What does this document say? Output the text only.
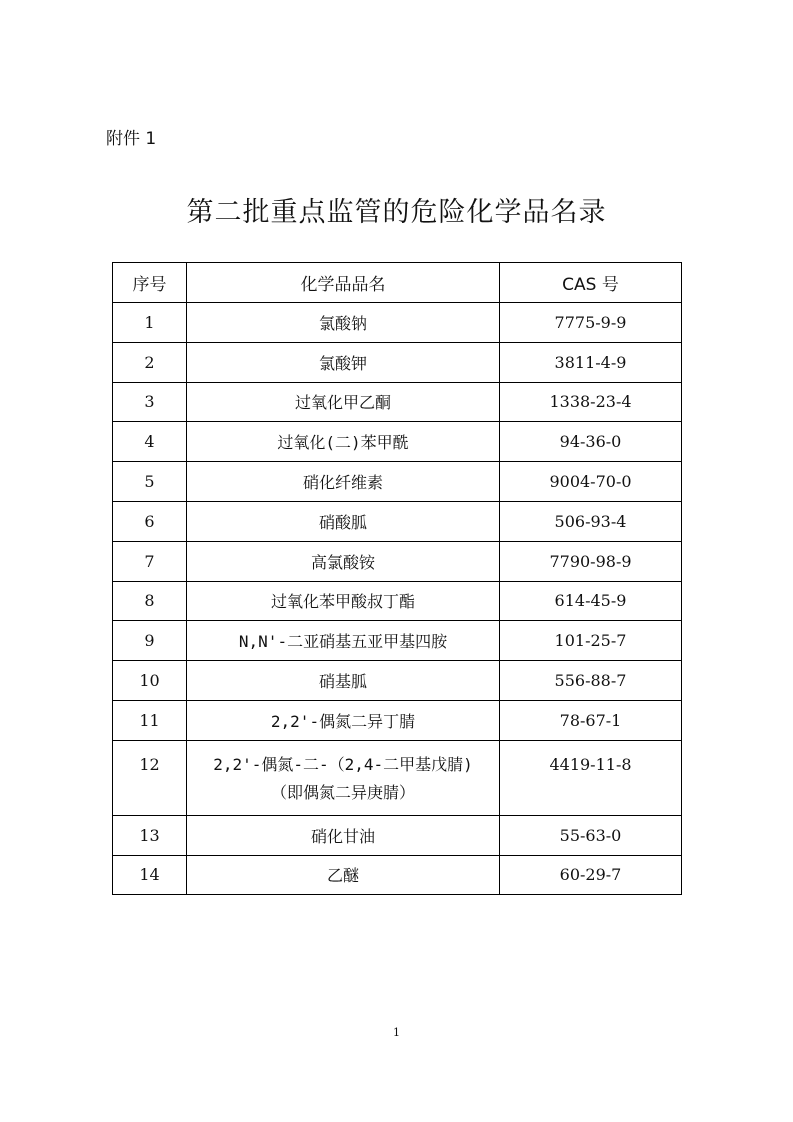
附件 1
第二批重点监管的危险化学品名录
序号	化学品品名	CAS 号
1	氯酸钠	7775-9-9
2	氯酸钾	3811-4-9
3	过氧化甲乙酮	1338-23-4
4	过氧化(二)苯甲酰	94-36-0
5	硝化纤维素	9004-70-0
6	硝酸胍	506-93-4
7	高氯酸铵	7790-98-9
8	过氧化苯甲酸叔丁酯	614-45-9
9	N,N'-二亚硝基五亚甲基四胺	101-25-7
10	硝基胍	556-88-7
11	2,2'-偶氮二异丁腈	78-67-1
12	2,2'-偶氮-二-（2,4-二甲基戊腈)
（即偶氮二异庚腈）	4419-11-8
13	硝化甘油	55-63-0
14	乙醚	60-29-7
1
